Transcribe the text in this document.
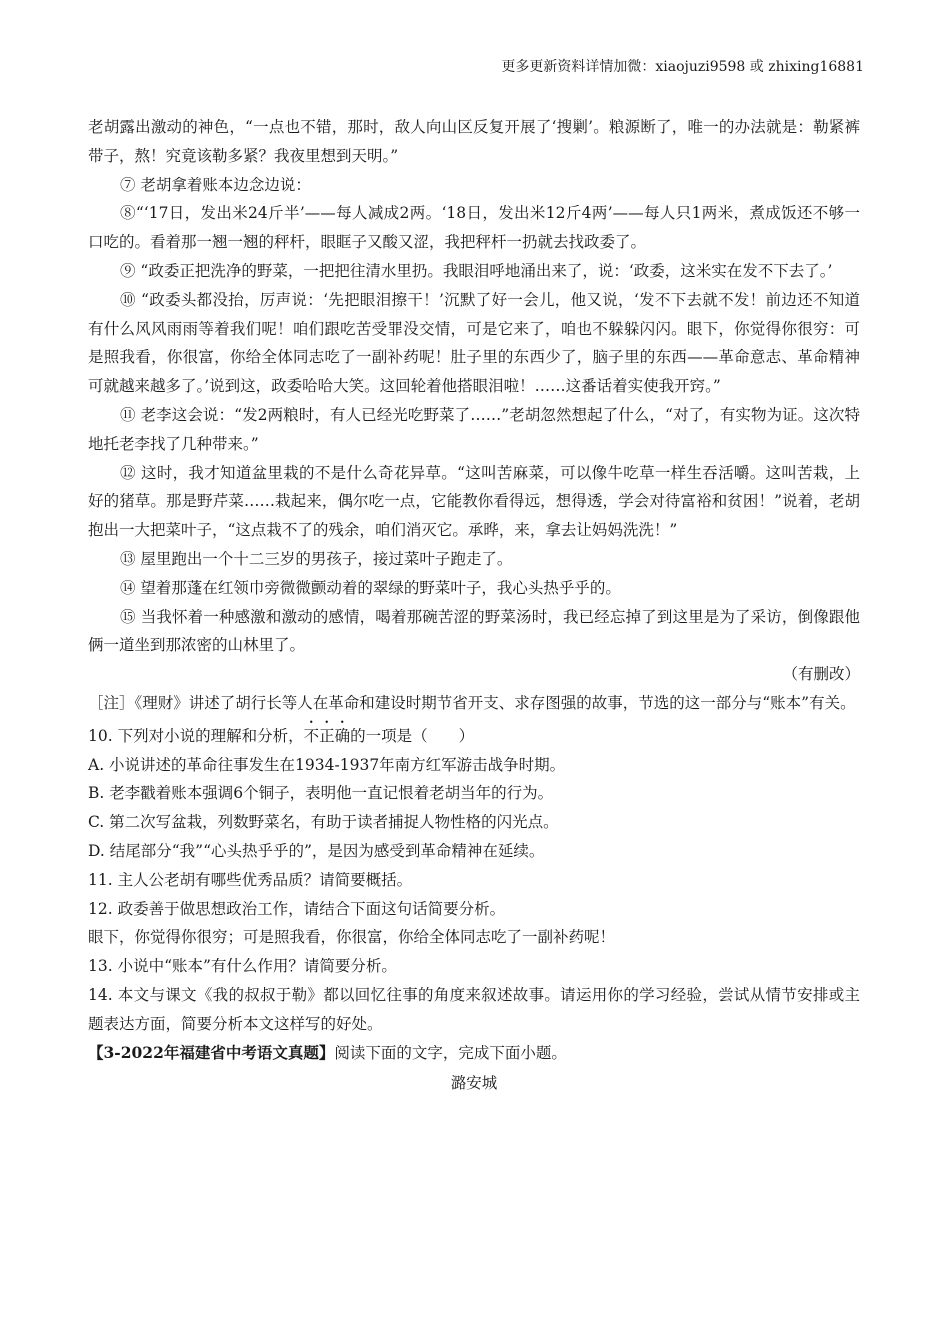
更多更新资料详情加微：xiaojuzi9598 或 zhixing16881

老胡露出激动的神色，“一点也不错，那时，敌人向山区反复开展了‘搜剿’。粮源断了，唯一的办法就是：勒紧裤带子，熬！究竟该勒多紧？我夜里想到天明。”

⑦ 老胡拿着账本边念边说：

⑧“‘17日，发出米24斤半’——每人减成2两。‘18日，发出米12斤4两’——每人只1两米，煮成饭还不够一口吃的。看着那一翘一翘的秤杆，眼眶子又酸又涩，我把秤杆一扔就去找政委了。

⑨ “政委正把洗净的野菜，一把把往清水里扔。我眼泪呼地涌出来了，说：‘政委，这米实在发不下去了。’

⑩ “政委头都没抬，厉声说：‘先把眼泪擦干！’沉默了好一会儿，他又说，‘发不下去就不发！前边还不知道有什么风风雨雨等着我们呢！咱们跟吃苦受罪没交情，可是它来了，咱也不躲躲闪闪。眼下，你觉得你很穷：可是照我看，你很富，你给全体同志吃了一副补药呢！肚子里的东西少了，脑子里的东西——革命意志、革命精神可就越来越多了。’说到这，政委哈哈大笑。这回轮着他搭眼泪啦！……这番话着实使我开窍。”

⑪ 老李这会说：“发2两粮时，有人已经光吃野菜了……”老胡忽然想起了什么，“对了，有实物为证。这次特地托老李找了几种带来。”

⑫ 这时，我才知道盆里栽的不是什么奇花异草。“这叫苦麻菜，可以像牛吃草一样生吞活嚼。这叫苦栽，上好的猪草。那是野芹菜……栽起来，偶尔吃一点，它能教你看得远，想得透，学会对待富裕和贫困！”说着，老胡抱出一大把菜叶子，“这点栽不了的残余，咱们消灭它。承晔，来，拿去让妈妈洗洗！”

⑬ 屋里跑出一个十二三岁的男孩子，接过菜叶子跑走了。

⑭ 望着那蓬在红领巾旁微微颤动着的翠绿的野菜叶子，我心头热乎乎的。

⑮ 当我怀着一种感激和激动的感情，喝着那碗苦涩的野菜汤时，我已经忘掉了到这里是为了采访，倒像跟他俩一道坐到那浓密的山林里了。

（有删改）

［注］《理财》讲述了胡行长等人在革命和建设时期节省开支、求存图强的故事，节选的这一部分与“账本”有关。

10. 下列对小说的理解和分析，不正确的一项是（　　）

A. 小说讲述的革命往事发生在1934-1937年南方红军游击战争时期。

B. 老李戳着账本强调6个铜子，表明他一直记恨着老胡当年的行为。

C. 第二次写盆栽，列数野菜名，有助于读者捕捉人物性格的闪光点。

D. 结尾部分“我”“心头热乎乎的”，是因为感受到革命精神在延续。

11. 主人公老胡有哪些优秀品质？请简要概括。

12. 政委善于做思想政治工作，请结合下面这句话简要分析。

眼下，你觉得你很穷；可是照我看，你很富，你给全体同志吃了一副补药呢！

13. 小说中“账本”有什么作用？请简要分析。

14. 本文与课文《我的叔叔于勒》都以回忆往事的角度来叙述故事。请运用你的学习经验，尝试从情节安排或主题表达方面，简要分析本文这样写的好处。

【3-2022年福建省中考语文真题】阅读下面的文字，完成下面小题。

潞安城
